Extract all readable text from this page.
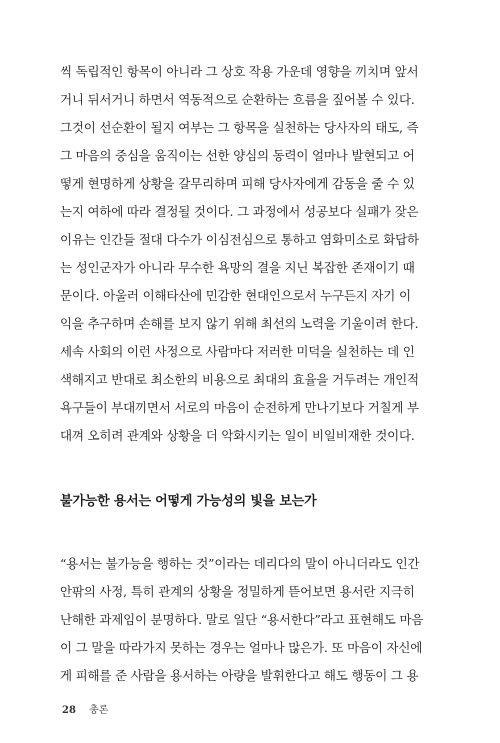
씩 독립적인 항목이 아니라 그 상호 작용 가운데 영향을 끼치며 앞서
거니 뒤서거니 하면서 역동적으로 순환하는 흐름을 짚어볼 수 있다.
그것이 선순환이 될지 여부는 그 항목을 실천하는 당사자의 태도, 즉
그 마음의 중심을 움직이는 선한 양심의 동력이 얼마나 발현되고 어
떻게 현명하게 상황을 갈무리하며 피해 당사자에게 감동을 줄 수 있
는지 여하에 따라 결정될 것이다. 그 과정에서 성공보다 실패가 잦은
이유는 인간들 절대 다수가 이심전심으로 통하고 염화미소로 화답하
는 성인군자가 아니라 무수한 욕망의 결을 지닌 복잡한 존재이기 때
문이다. 아울러 이해타산에 민감한 현대인으로서 누구든지 자기 이
익을 추구하며 손해를 보지 않기 위해 최선의 노력을 기울이려 한다.
세속 사회의 이런 사정으로 사람마다 저러한 미덕을 실천하는 데 인
색해지고 반대로 최소한의 비용으로 최대의 효율을 거두려는 개인적
욕구들이 부대끼면서 서로의 마음이 순전하게 만나기보다 거칠게 부
대껴 오히려 관계와 상황을 더 악화시키는 일이 비일비재한 것이다.
불가능한 용서는 어떻게 가능성의 빛을 보는가
“용서는 불가능을 행하는 것”이라는 데리다의 말이 아니더라도 인간
안팎의 사정, 특히 관계의 상황을 정밀하게 뜯어보면 용서란 지극히
난해한 과제임이 분명하다. 말로 일단 “용서한다”라고 표현해도 마음
이 그 말을 따라가지 못하는 경우는 얼마나 많은가. 또 마음이 자신에
게 피해를 준 사람을 용서하는 아량을 발휘한다고 해도 행동이 그 용
28 총론
